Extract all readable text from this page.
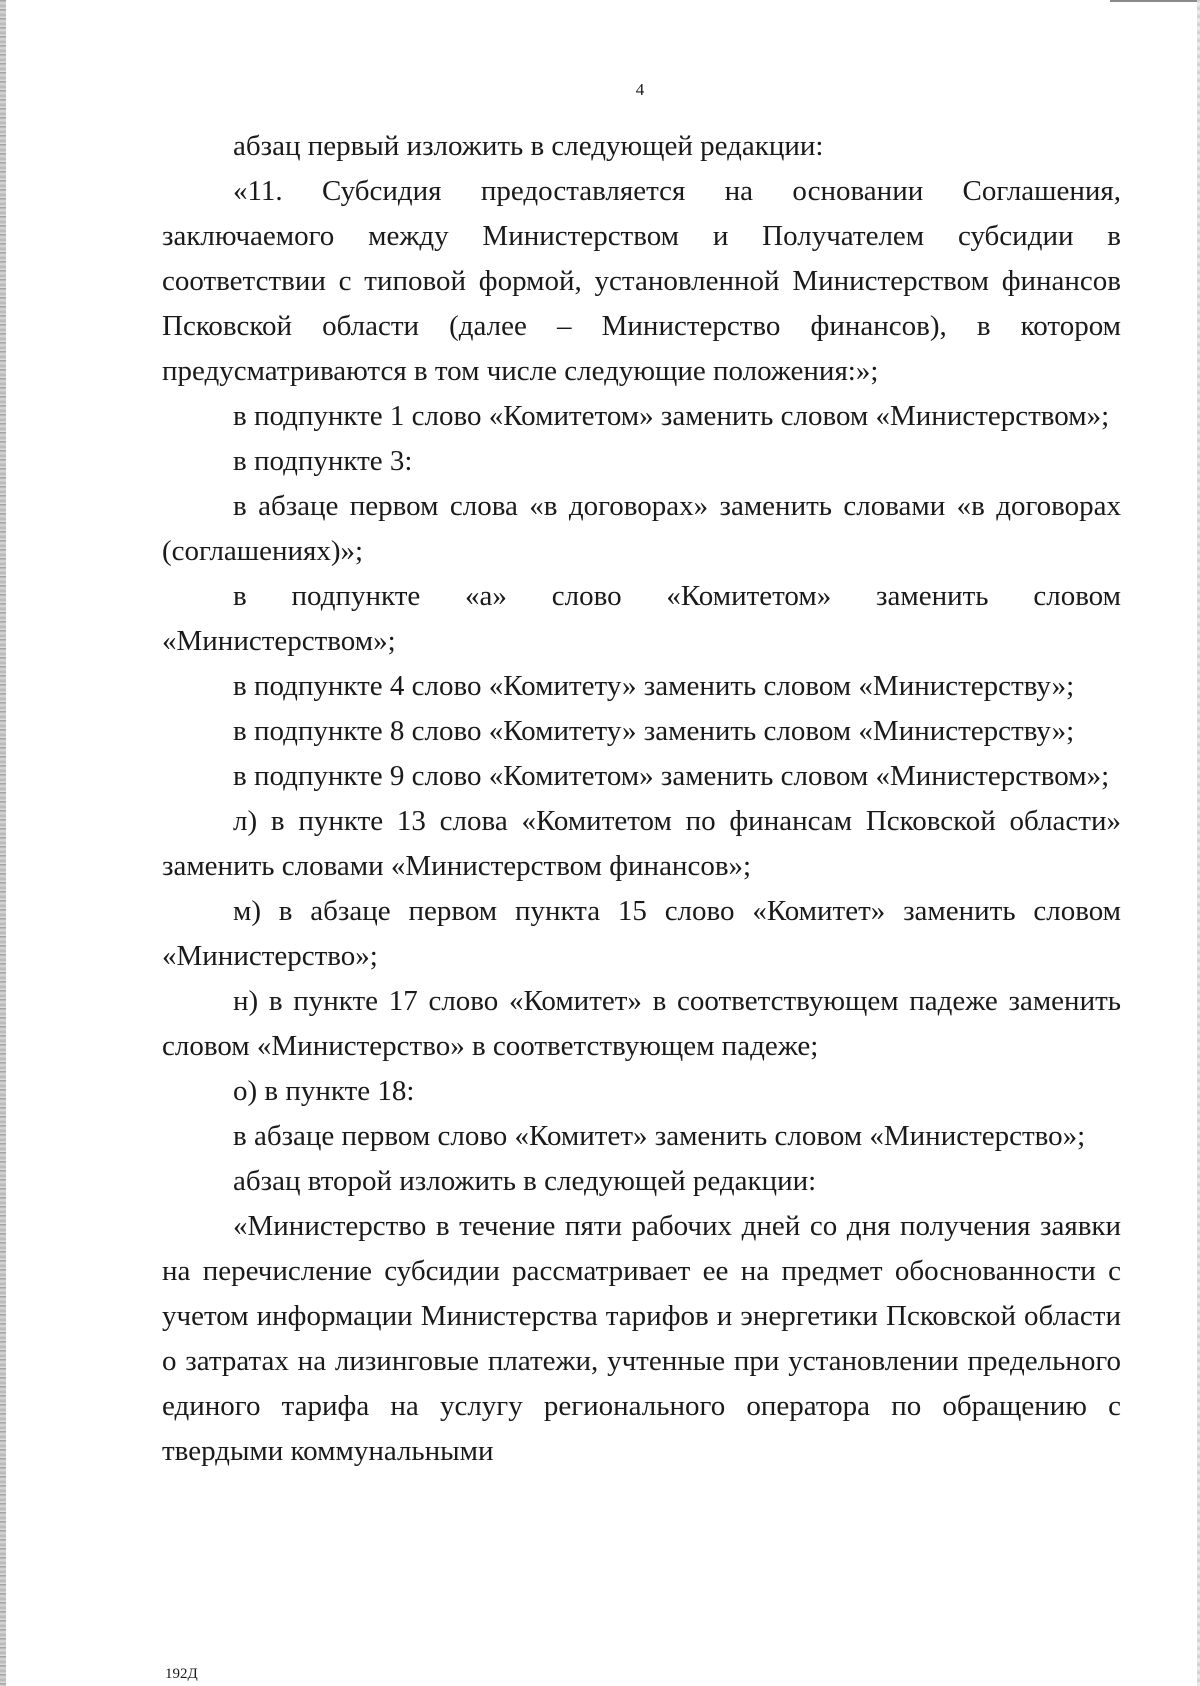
4

абзац первый изложить в следующей редакции:

«11. Субсидия предоставляется на основании Соглашения, заключаемого между Министерством и Получателем субсидии в соответствии с типовой формой, установленной Министерством финансов Псковской области (далее – Министерство финансов), в котором предусматриваются в том числе следующие положения:»;

в подпункте 1 слово «Комитетом» заменить словом «Министерством»;

в подпункте 3:

в абзаце первом слова «в договорах» заменить словами «в договорах (соглашениях)»;

в подпункте «а» слово «Комитетом» заменить словом «Министерством»;

в подпункте 4 слово «Комитету» заменить словом «Министерству»;

в подпункте 8 слово «Комитету» заменить словом «Министерству»;

в подпункте 9 слово «Комитетом» заменить словом «Министерством»;

л) в пункте 13 слова «Комитетом по финансам Псковской области» заменить словами «Министерством финансов»;

м) в абзаце первом пункта 15 слово «Комитет» заменить словом «Министерство»;

н) в пункте 17 слово «Комитет» в соответствующем падеже заменить словом «Министерство» в соответствующем падеже;

о) в пункте 18:

в абзаце первом слово «Комитет» заменить словом «Министерство»;

абзац второй изложить в следующей редакции:

«Министерство в течение пяти рабочих дней со дня получения заявки на перечисление субсидии рассматривает ее на предмет обоснованности с учетом информации Министерства тарифов и энергетики Псковской области о затратах на лизинговые платежи, учтенные при установлении предельного единого тарифа на услугу регионального оператора по обращению с твердыми коммунальными

192Д
